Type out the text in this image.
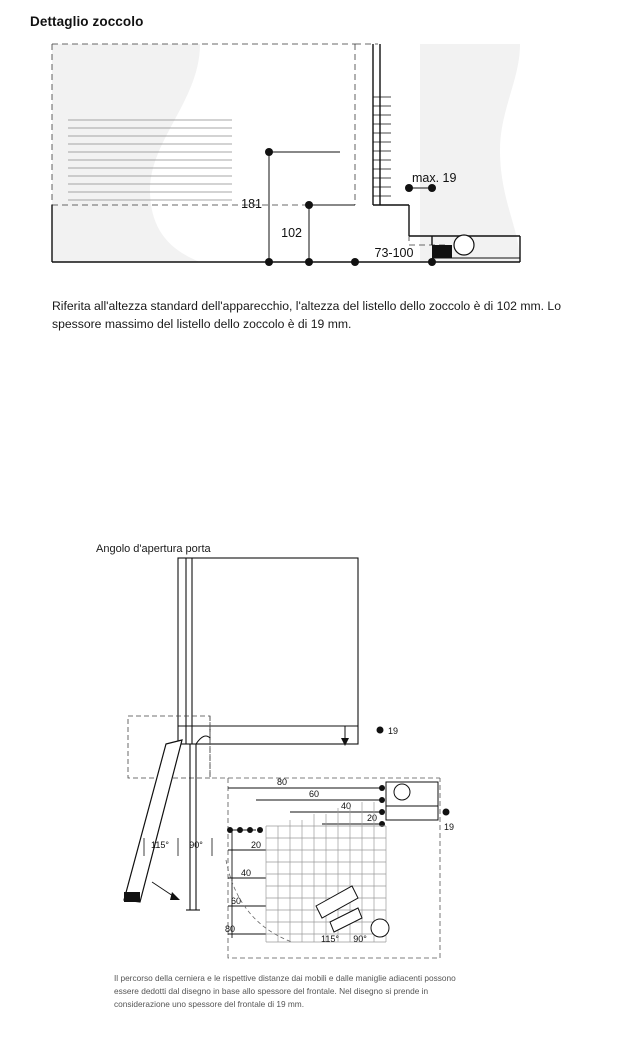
Dettaglio zoccolo
181
102
73-100
max. 19
Riferita all'altezza standard dell'apparecchio, l'altezza del listello dello zoccolo è di 102 mm. Lo spessore massimo del listello dello zoccolo è di 19 mm.
Angolo d'apertura porta
19
19
80
60
40
20
20
40
60
80
115° 90°
115° 90°
Il percorso della cerniera e le rispettive distanze dai mobili e dalle maniglie adiacenti possono essere dedotti dal disegno in base allo spessore del frontale. Nel disegno si prende in considerazione uno spessore del frontale di 19 mm.
